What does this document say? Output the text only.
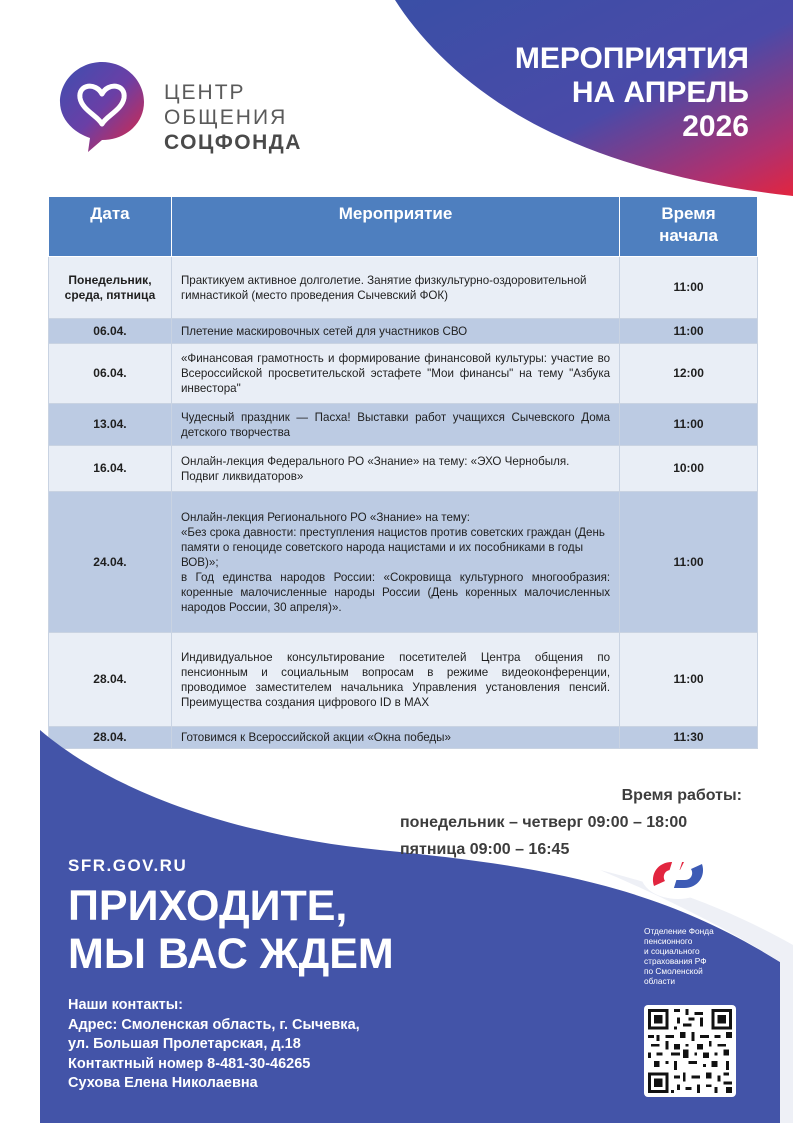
ЦЕНТР
ОБЩЕНИЯ
СОЦФОНДА
МЕРОПРИЯТИЯ
НА АПРЕЛЬ
2026
Дата	Мероприятие	Время начала

Понедельник, среда, пятница	Практикуем активное долголетие. Занятие физкультурно-оздоровительной гимнастикой (место проведения Сычевский ФОК)	11:00
06.04.	Плетение маскировочных сетей для участников СВО	11:00
06.04.	«Финансовая грамотность и формирование финансовой культуры: участие во Всероссийской просветительской эстафете "Мои финансы" на тему "Азбука инвестора"	12:00
13.04.	Чудесный праздник — Пасха! Выставки работ учащихся Сычевского Дома детского творчества	11:00
16.04.	Онлайн-лекция Федерального РО «Знание» на тему: «ЭХО Чернобыля. Подвиг ликвидаторов»	10:00
24.04.	Онлайн-лекция Регионального РО «Знание» на тему:
«Без срока давности: преступления нацистов против советских граждан (День памяти о геноциде советского народа нацистами и их пособниками в годы ВОВ)»;
в Год единства народов России: «Сокровища культурного многообразия: коренные малочисленные народы России (День коренных малочисленных народов России, 30 апреля)».	11:00
28.04.	Индивидуальное консультирование посетителей Центра общения по пенсионным и социальным вопросам в режиме видеоконференции, проводимое заместителем начальника Управления установления пенсий. Преимущества создания цифрового ID в MAX	11:00
28.04.	Готовимся к Всероссийской акции «Окна победы»	11:30
Время работы:
понедельник – четверг 09:00 – 18:00
пятница 09:00 – 16:45
SFR.GOV.RU
ПРИХОДИТЕ,
МЫ ВАС ЖДЕМ
Наши контакты:
Адрес: Смоленская область, г. Сычевка,
ул. Большая Пролетарская, д.18
Контактный номер 8-481-30-46265
Сухова Елена Николаевна
Отделение Фонда
пенсионного
и социального
страхования РФ
по Смоленской
области
